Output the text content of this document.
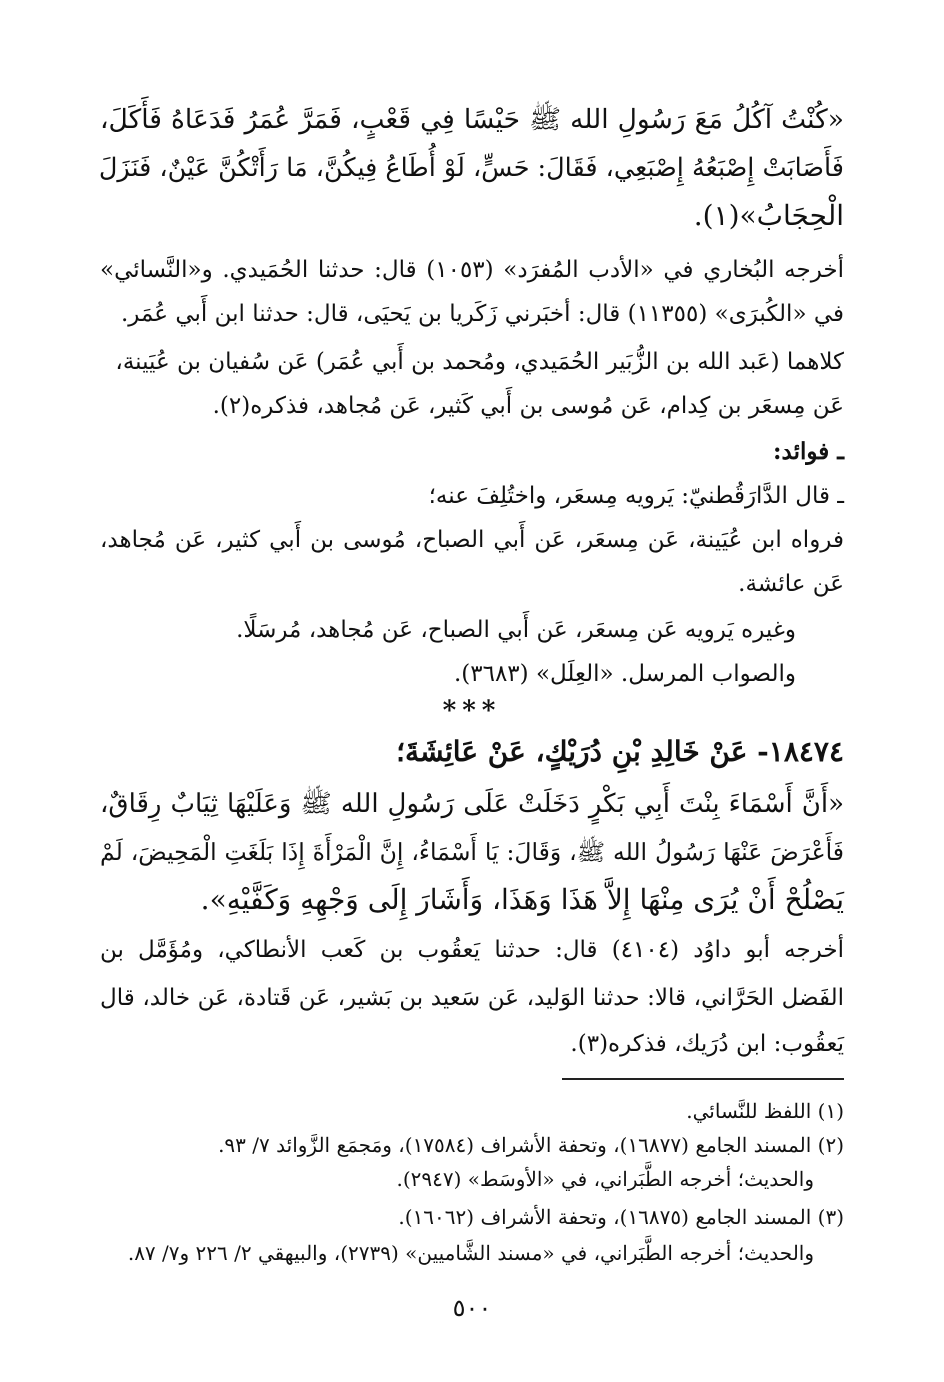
«كُنْتُ آكُلُ مَعَ رَسُولِ الله ﷺ حَيْسًا فِي قَعْبٍ، فَمَرَّ عُمَرُ فَدَعَاهُ فَأَكَلَ،
فَأَصَابَتْ إِصْبَعُهُ إِصْبَعِي، فَقَالَ: حَسٍّ، لَوْ أُطَاعُ فِيكُنَّ، مَا رَأَتْكُنَّ عَيْنٌ، فَنَزَلَ
الْحِجَابُ»(١).
أخرجه البُخاري في «الأدب المُفرَد» (١٠٥٣) قال: حدثنا الحُمَيدي. و«النَّسائي»
في «الكُبرَى» (١١٣٥٥) قال: أخبَرني زَكَريا بن يَحيَى، قال: حدثنا ابن أَبي عُمَر.
كلاهما (عَبد الله بن الزُّبَير الحُمَيدي، ومُحمد بن أَبي عُمَر) عَن سُفيان بن عُيَينة،
عَن مِسعَر بن كِدام، عَن مُوسى بن أَبي كَثير، عَن مُجاهد، فذكره(٢).
ـ فوائد:
ـ قال الدَّارَقُطنيّ: يَرويه مِسعَر، واختُلِفَ عنه؛
فرواه ابن عُيَينة، عَن مِسعَر، عَن أَبي الصباح، مُوسى بن أَبي كثير، عَن مُجاهد،
عَن عائشة.
وغيره يَرويه عَن مِسعَر، عَن أَبي الصباح، عَن مُجاهد، مُرسَلًا.
والصواب المرسل. «العِلَل» (٣٦٨٣).
***
١٨٤٧٤- عَنْ خَالِدِ بْنِ دُرَيْكٍ، عَنْ عَائِشَةَ؛
«أَنَّ أَسْمَاءَ بِنْتَ أَبِي بَكْرٍ دَخَلَتْ عَلَى رَسُولِ الله ﷺ وَعَلَيْهَا ثِيَابٌ رِقَاقٌ،
فَأَعْرَضَ عَنْهَا رَسُولُ الله ﷺ، وَقَالَ: يَا أَسْمَاءُ، إِنَّ الْمَرْأَةَ إِذَا بَلَغَتِ الْمَحِيضَ، لَمْ
يَصْلُحْ أَنْ يُرَى مِنْهَا إِلاَّ هَذَا وَهَذَا، وَأَشَارَ إِلَى وَجْهِهِ وَكَفَّيْهِ».
أخرجه أبو داوُد (٤١٠٤) قال: حدثنا يَعقُوب بن كَعب الأنطاكي، ومُؤَمَّل بن
الفَضل الحَرَّاني، قالا: حدثنا الوَليد، عَن سَعيد بن بَشير، عَن قَتادة، عَن خالد، قال
يَعقُوب: ابن دُرَيك، فذكره(٣).
(١) اللفظ للنَّسائي.
(٢) المسند الجامع (١٦٨٧٧)، وتحفة الأشراف (١٧٥٨٤)، ومَجمَع الزَّوائد ٧/ ٩٣.
والحديث؛ أخرجه الطَّبَراني، في «الأوسَط» (٢٩٤٧).
(٣) المسند الجامع (١٦٨٧٥)، وتحفة الأشراف (١٦٠٦٢).
والحديث؛ أخرجه الطَّبَراني، في «مسند الشَّاميين» (٢٧٣٩)، والبيهقي ٢/ ٢٢٦ و٧/ ٨٧.
٥٠٠
